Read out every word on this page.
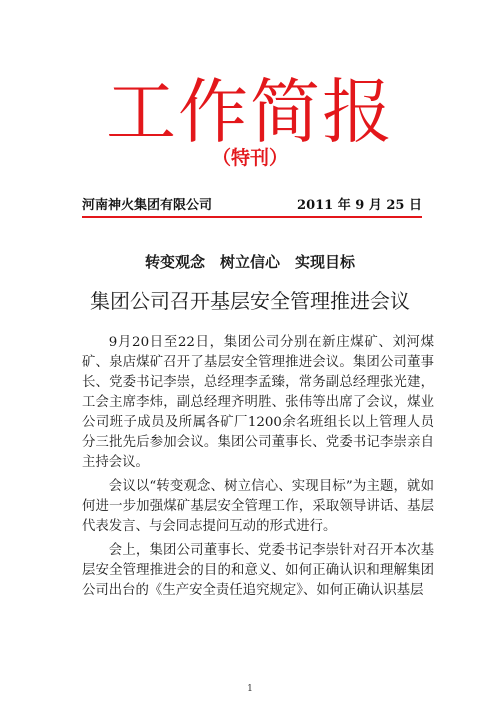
工作简报
（特刊）
河南神火集团有限公司	2011 年 9 月 25 日
转变观念　树立信心　实现目标
集团公司召开基层安全管理推进会议

9月20日至22日，集团公司分别在新庄煤矿、刘河煤矿、泉店煤矿召开了基层安全管理推进会议。集团公司董事长、党委书记李崇，总经理李孟臻，常务副总经理张光建，工会主席李炜，副总经理齐明胜、张伟等出席了会议，煤业公司班子成员及所属各矿厂1200余名班组长以上管理人员分三批先后参加会议。集团公司董事长、党委书记李崇亲自主持会议。

会议以“转变观念、树立信心、实现目标”为主题，就如何进一步加强煤矿基层安全管理工作，采取领导讲话、基层代表发言、与会同志提问互动的形式进行。

会上，集团公司董事长、党委书记李崇针对召开本次基层安全管理推进会的目的和意义、如何正确认识和理解集团公司出台的《生产安全责任追究规定》、如何正确认识基层

1
